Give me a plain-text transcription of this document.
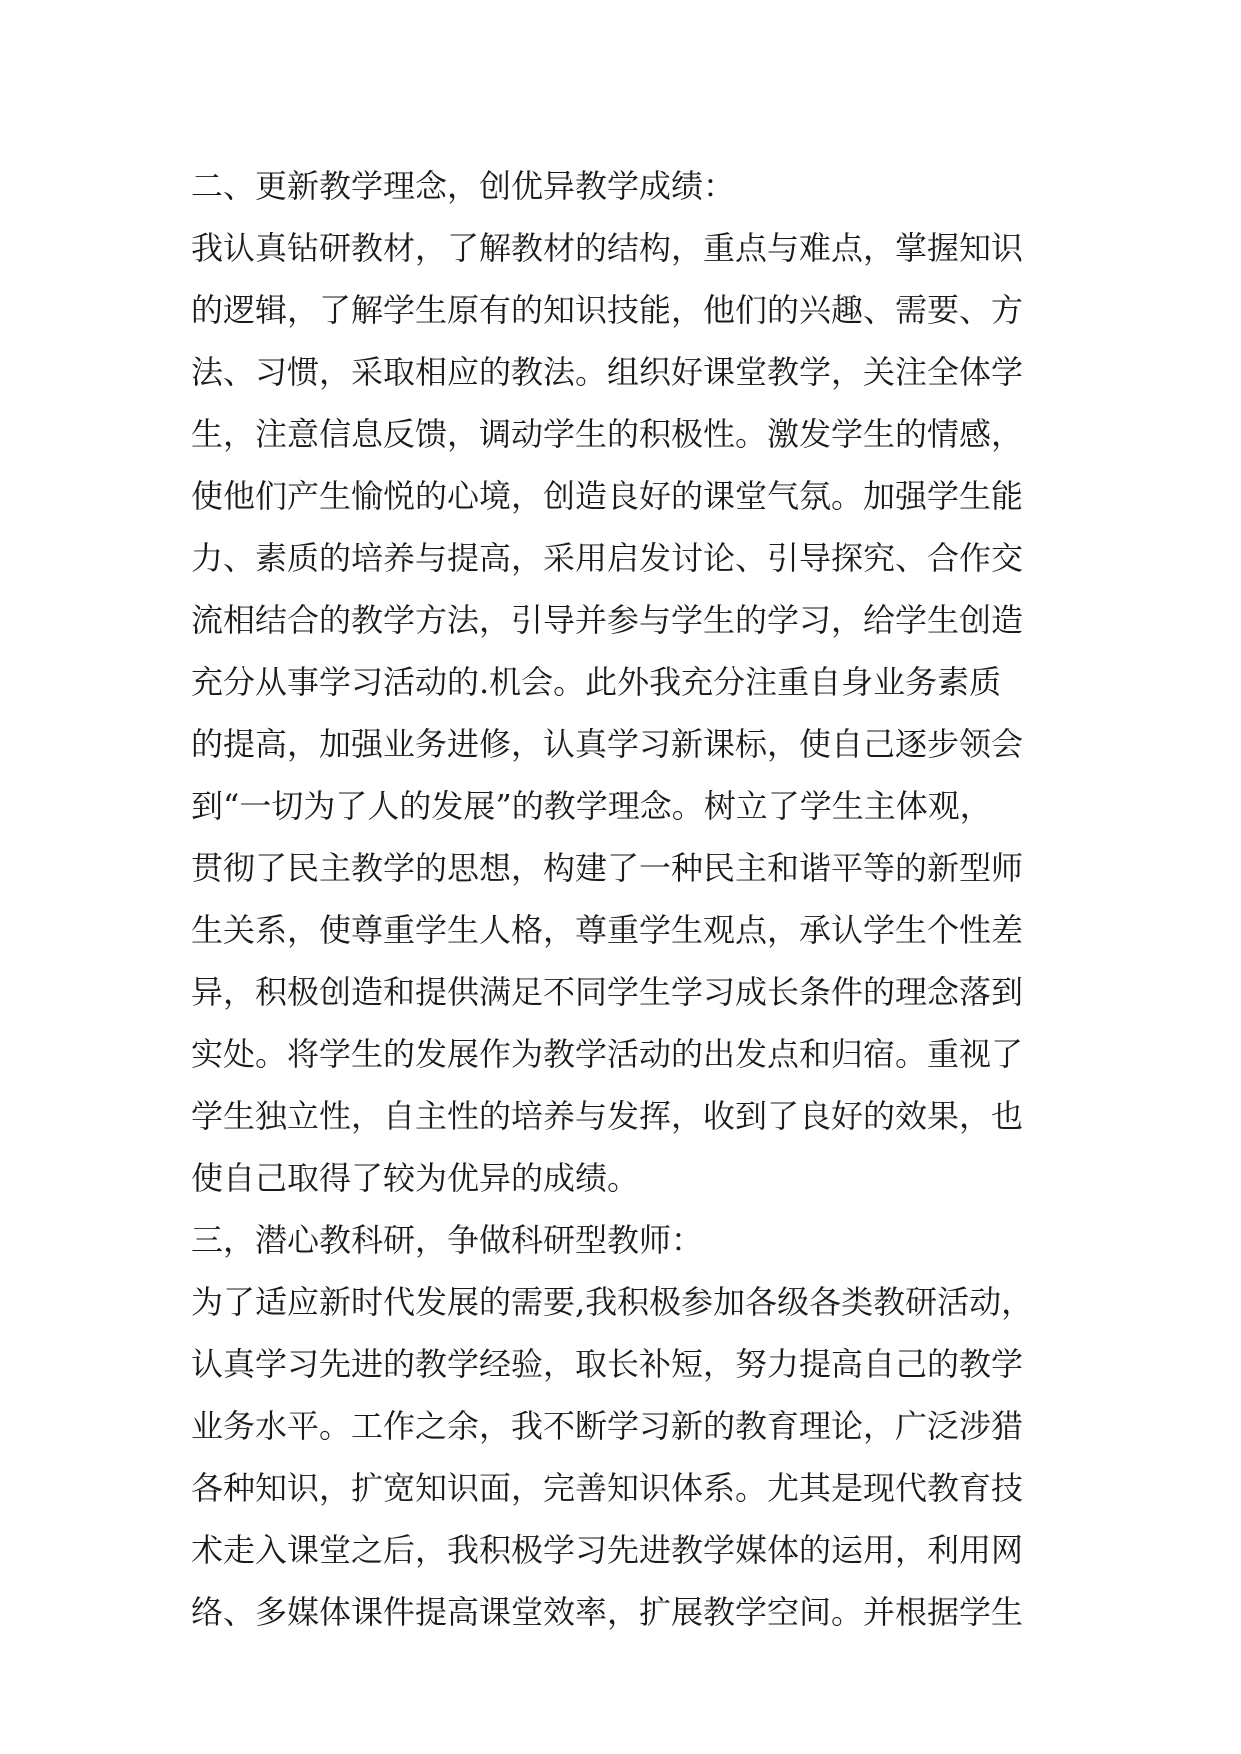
二、更新教学理念，创优异教学成绩：
我认真钻研教材，了解教材的结构，重点与难点，掌握知识
的逻辑，了解学生原有的知识技能，他们的兴趣、需要、方
法、习惯，采取相应的教法。组织好课堂教学，关注全体学
生，注意信息反馈，调动学生的积极性。激发学生的情感，
使他们产生愉悦的心境，创造良好的课堂气氛。加强学生能
力、素质的培养与提高，采用启发讨论、引导探究、合作交
流相结合的教学方法，引导并参与学生的学习，给学生创造
充分从事学习活动的.机会。此外我充分注重自身业务素质
的提高，加强业务进修，认真学习新课标，使自己逐步领会
到“一切为了人的发展”的教学理念。树立了学生主体观，
贯彻了民主教学的思想，构建了一种民主和谐平等的新型师
生关系，使尊重学生人格，尊重学生观点，承认学生个性差
异，积极创造和提供满足不同学生学习成长条件的理念落到
实处。将学生的发展作为教学活动的出发点和归宿。重视了
学生独立性，自主性的培养与发挥，收到了良好的效果，也
使自己取得了较为优异的成绩。
三，潜心教科研，争做科研型教师：
为了适应新时代发展的需要,我积极参加各级各类教研活动，
认真学习先进的教学经验，取长补短，努力提高自己的教学
业务水平。工作之余，我不断学习新的教育理论，广泛涉猎
各种知识，扩宽知识面，完善知识体系。尤其是现代教育技
术走入课堂之后，我积极学习先进教学媒体的运用，利用网
络、多媒体课件提高课堂效率，扩展教学空间。并根据学生
